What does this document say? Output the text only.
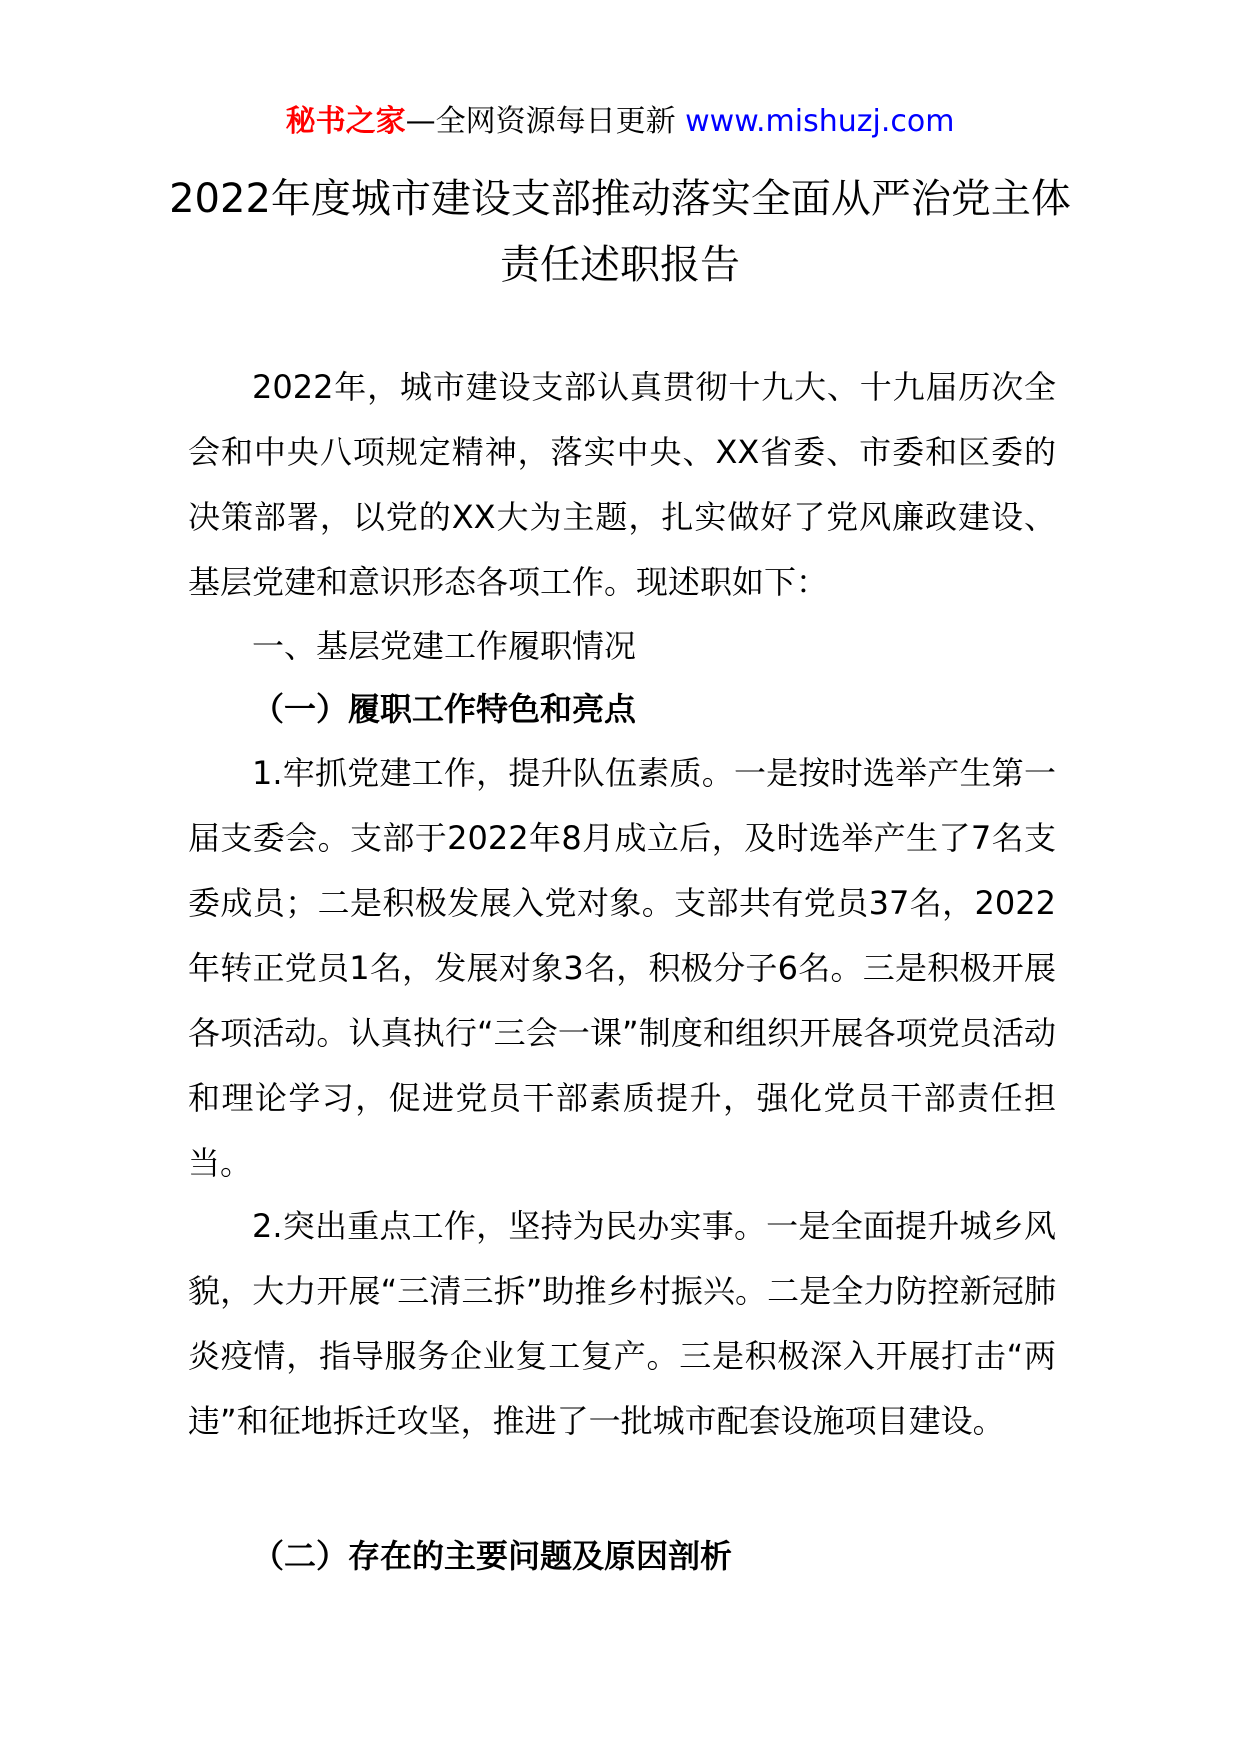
秘书之家—全网资源每日更新 www.mishuzj.com
2022年度城市建设支部推动落实全面从严治党主体责任述职报告

2022年，城市建设支部认真贯彻十九大、十九届历次全会和中央八项规定精神，落实中央、XX省委、市委和区委的决策部署，以党的XX大为主题，扎实做好了党风廉政建设、基层党建和意识形态各项工作。现述职如下：

一、基层党建工作履职情况

（一）履职工作特色和亮点

1.牢抓党建工作，提升队伍素质。一是按时选举产生第一届支委会。支部于2022年8月成立后，及时选举产生了7名支委成员；二是积极发展入党对象。支部共有党员37名，2022年转正党员1名，发展对象3名，积极分子6名。三是积极开展各项活动。认真执行“三会一课”制度和组织开展各项党员活动和理论学习，促进党员干部素质提升，强化党员干部责任担当。

2.突出重点工作，坚持为民办实事。一是全面提升城乡风貌，大力开展“三清三拆”助推乡村振兴。二是全力防控新冠肺炎疫情，指导服务企业复工复产。三是积极深入开展打击“两违”和征地拆迁攻坚，推进了一批城市配套设施项目建设。

（二）存在的主要问题及原因剖析
